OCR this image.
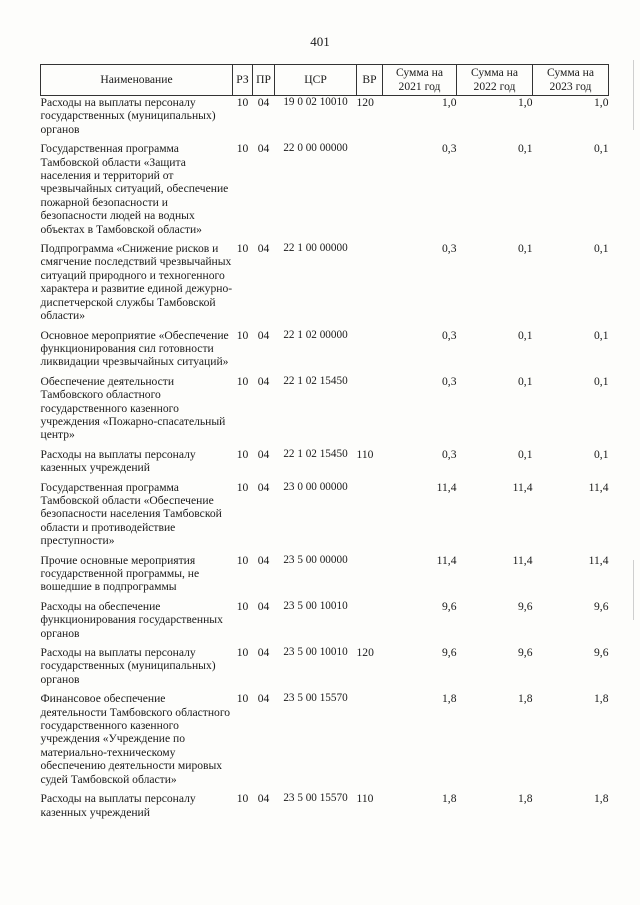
401
Наименование	РЗ	ПР	ЦСР	ВР	Сумма на 2021 год	Сумма на 2022 год	Сумма на 2023 год
Расходы на выплаты персоналу государственных (муниципальных) органов	10	04	19 0 02 10010	120	1,0	1,0	1,0
Государственная программа Тамбовской области «Защита населения и территорий от чрезвычайных ситуаций, обеспечение пожарной безопасности и безопасности людей на водных объектах в Тамбовской области»	10	04	22 0 00 00000		0,3	0,1	0,1
Подпрограмма «Снижение рисков и смягчение последствий чрезвычайных ситуаций природного и техногенного характера и развитие единой дежурно-диспетчерской службы Тамбовской области»	10	04	22 1 00 00000		0,3	0,1	0,1
Основное мероприятие «Обеспечение функционирования сил готовности ликвидации чрезвычайных ситуаций»	10	04	22 1 02 00000		0,3	0,1	0,1
Обеспечение деятельности Тамбовского областного государственного казенного учреждения «Пожарно-спасательный центр»	10	04	22 1 02 15450		0,3	0,1	0,1
Расходы на выплаты персоналу казенных учреждений	10	04	22 1 02 15450	110	0,3	0,1	0,1
Государственная программа Тамбовской области «Обеспечение безопасности населения Тамбовской области и противодействие преступности»	10	04	23 0 00 00000		11,4	11,4	11,4
Прочие основные мероприятия государственной программы, не вошедшие в подпрограммы	10	04	23 5 00 00000		11,4	11,4	11,4
Расходы на обеспечение функционирования государственных органов	10	04	23 5 00 10010		9,6	9,6	9,6
Расходы на выплаты персоналу государственных (муниципальных) органов	10	04	23 5 00 10010	120	9,6	9,6	9,6
Финансовое обеспечение деятельности Тамбовского областного государственного казенного учреждения «Учреждение по материально-техническому обеспечению деятельности мировых судей Тамбовской области»	10	04	23 5 00 15570		1,8	1,8	1,8
Расходы на выплаты персоналу казенных учреждений	10	04	23 5 00 15570	110	1,8	1,8	1,8
